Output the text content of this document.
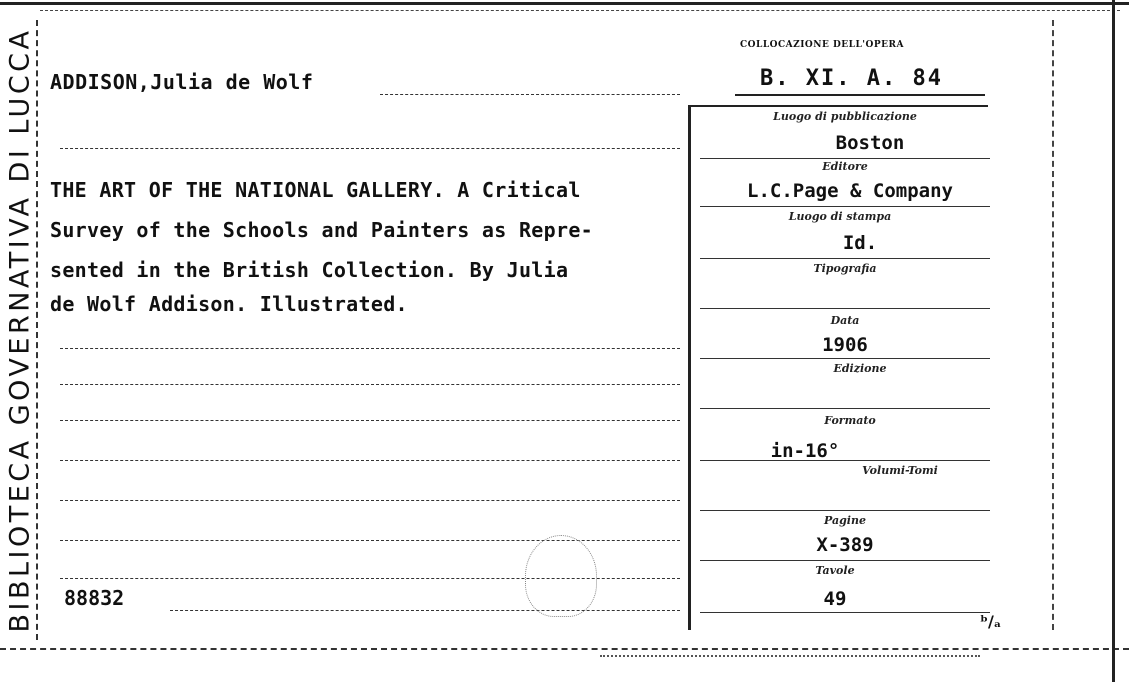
BIBLIOTECA GOVERNATIVA DI LUCCA ADDISON,Julia de Wolf
THE ART OF THE NATIONAL GALLERY. A Critical
Survey of the Schools and Painters as Repre-
sented in the British Collection. By Julia
de Wolf Addison. Illustrated.
88832
COLLOCAZIONE DELL'OPERA
B. XI. A. 84
Luogo di pubblicazione
Boston
Editore
L.C.Page & Company
Luogo di stampa
Id.
Tipografia
Data
1906
Edizione
Formato
in-16°
Volumi-Tomi
Pagine
X-389
Tavole
49
ᵇ/ₐ
